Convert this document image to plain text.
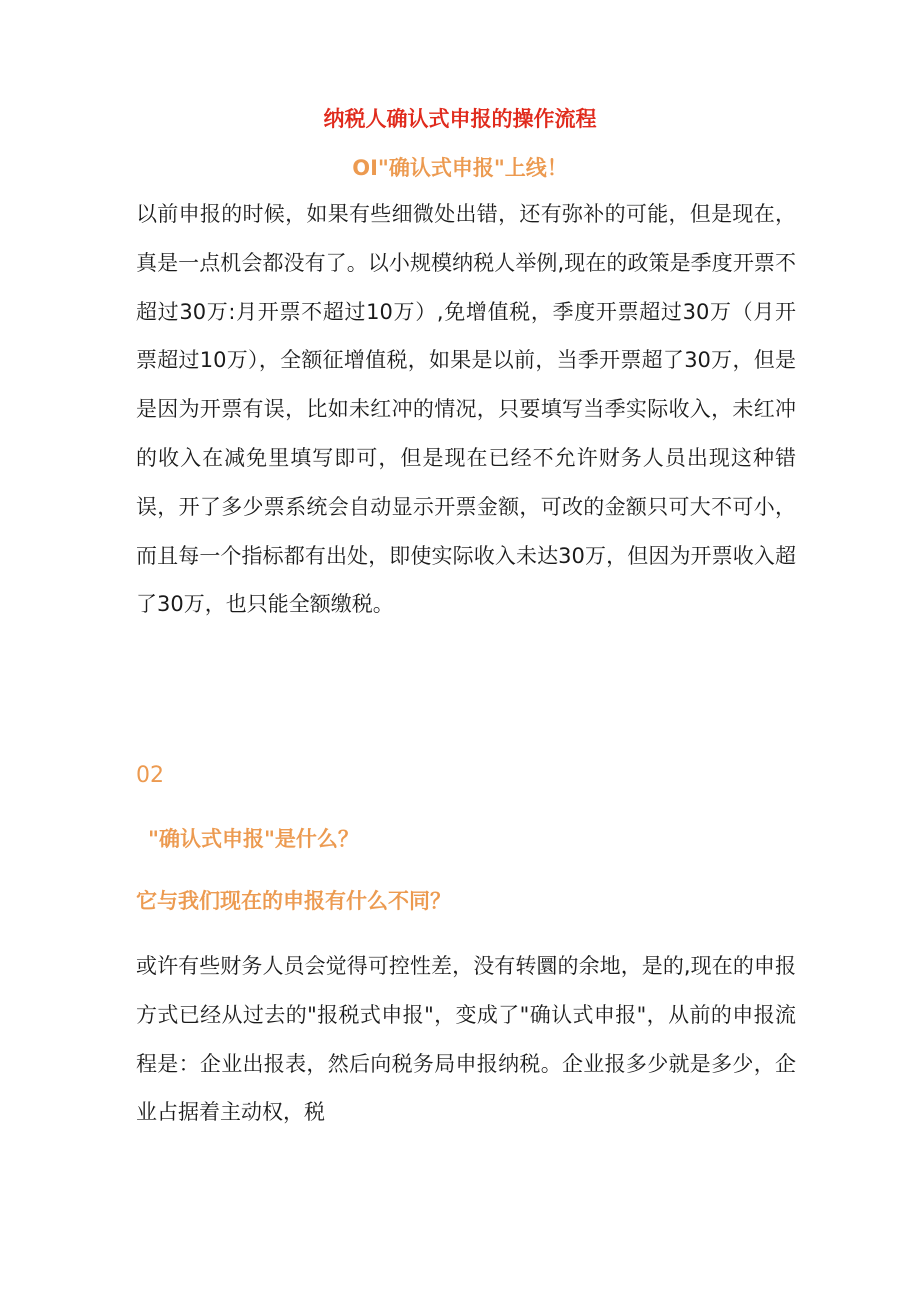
纳税人确认式申报的操作流程
OI"确认式申报"上线！
以前申报的时候，如果有些细微处出错，还有弥补的可能，但是现在，真是一点机会都没有了。以小规模纳税人举例,现在的政策是季度开票不超过30万:月开票不超过10万）,免增值税，季度开票超过30万（月开票超过10万），全额征增值税，如果是以前，当季开票超了30万，但是是因为开票有误，比如未红冲的情况，只要填写当季实际收入，未红冲的收入在减免里填写即可，但是现在已经不允许财务人员出现这种错误，开了多少票系统会自动显示开票金额，可改的金额只可大不可小，而且每一个指标都有出处，即使实际收入未达30万，但因为开票收入超了30万，也只能全额缴税。
02
"确认式申报"是什么？
它与我们现在的申报有什么不同？
或许有些财务人员会觉得可控性差，没有转圜的余地，是的,现在的申报方式已经从过去的"报税式申报"，变成了"确认式申报"，从前的申报流程是：企业出报表，然后向税务局申报纳税。企业报多少就是多少，企业占据着主动权，税
